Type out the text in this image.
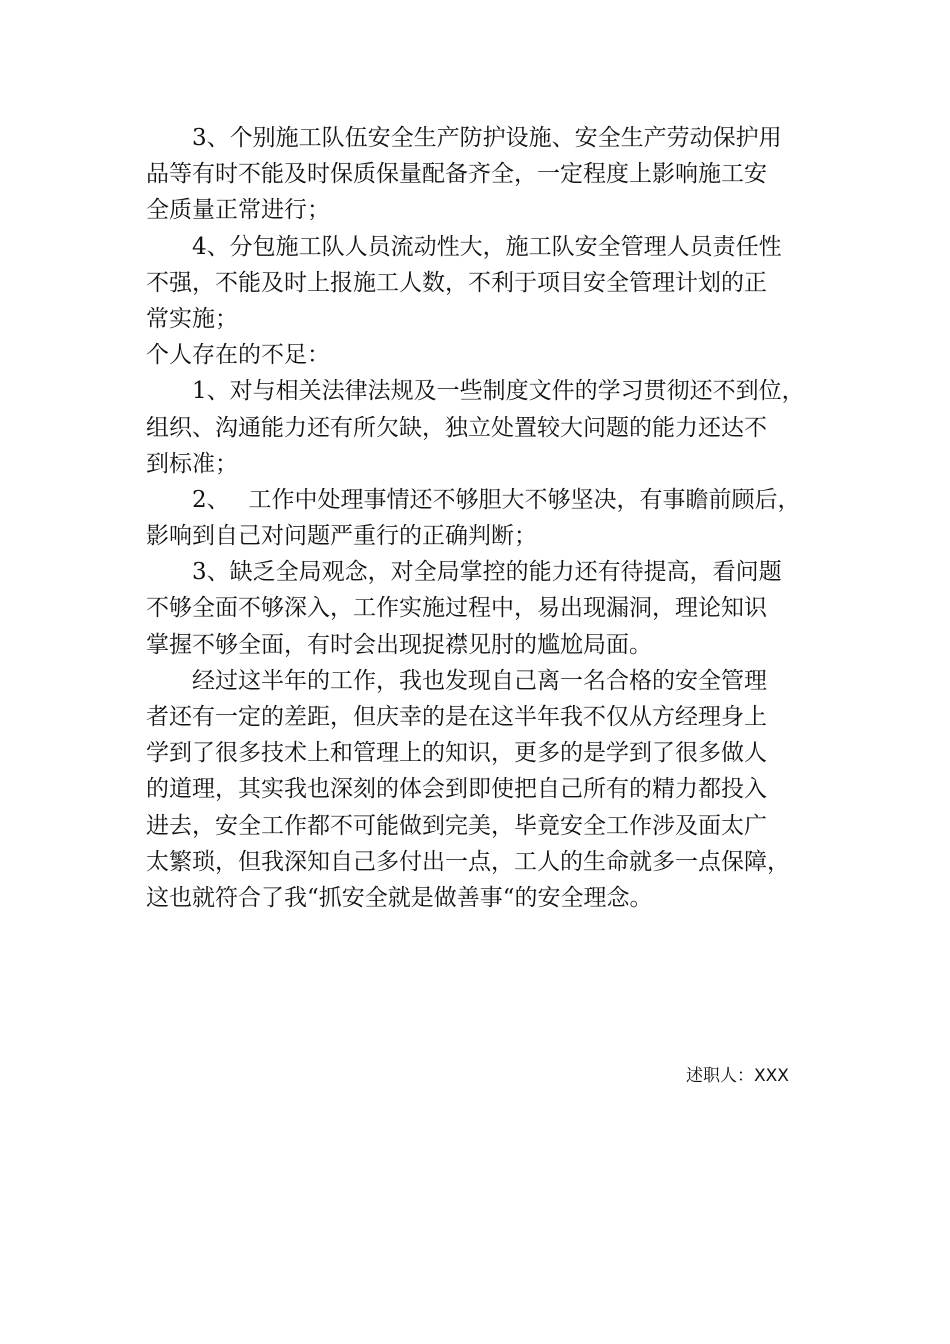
3、个别施工队伍安全生产防护设施、安全生产劳动保护用
品等有时不能及时保质保量配备齐全，一定程度上影响施工安
全质量正常进行；
4、分包施工队人员流动性大，施工队安全管理人员责任性
不强，不能及时上报施工人数，不利于项目安全管理计划的正
常实施；
个人存在的不足：
1、对与相关法律法规及一些制度文件的学习贯彻还不到位，
组织、沟通能力还有所欠缺，独立处置较大问题的能力还达不
到标准；
2、　 工作中处理事情还不够胆大不够坚决，有事瞻前顾后，
影响到自己对问题严重行的正确判断；
3、缺乏全局观念，对全局掌控的能力还有待提高，看问题
不够全面不够深入，工作实施过程中，易出现漏洞，理论知识
掌握不够全面，有时会出现捉襟见肘的尴尬局面。
经过这半年的工作，我也发现自己离一名合格的安全管理
者还有一定的差距，但庆幸的是在这半年我不仅从方经理身上
学到了很多技术上和管理上的知识，更多的是学到了很多做人
的道理，其实我也深刻的体会到即使把自己所有的精力都投入
进去，安全工作都不可能做到完美，毕竟安全工作涉及面太广
太繁琐，但我深知自己多付出一点，工人的生命就多一点保障，
这也就符合了我“抓安全就是做善事“的安全理念。
述职人：XXX
